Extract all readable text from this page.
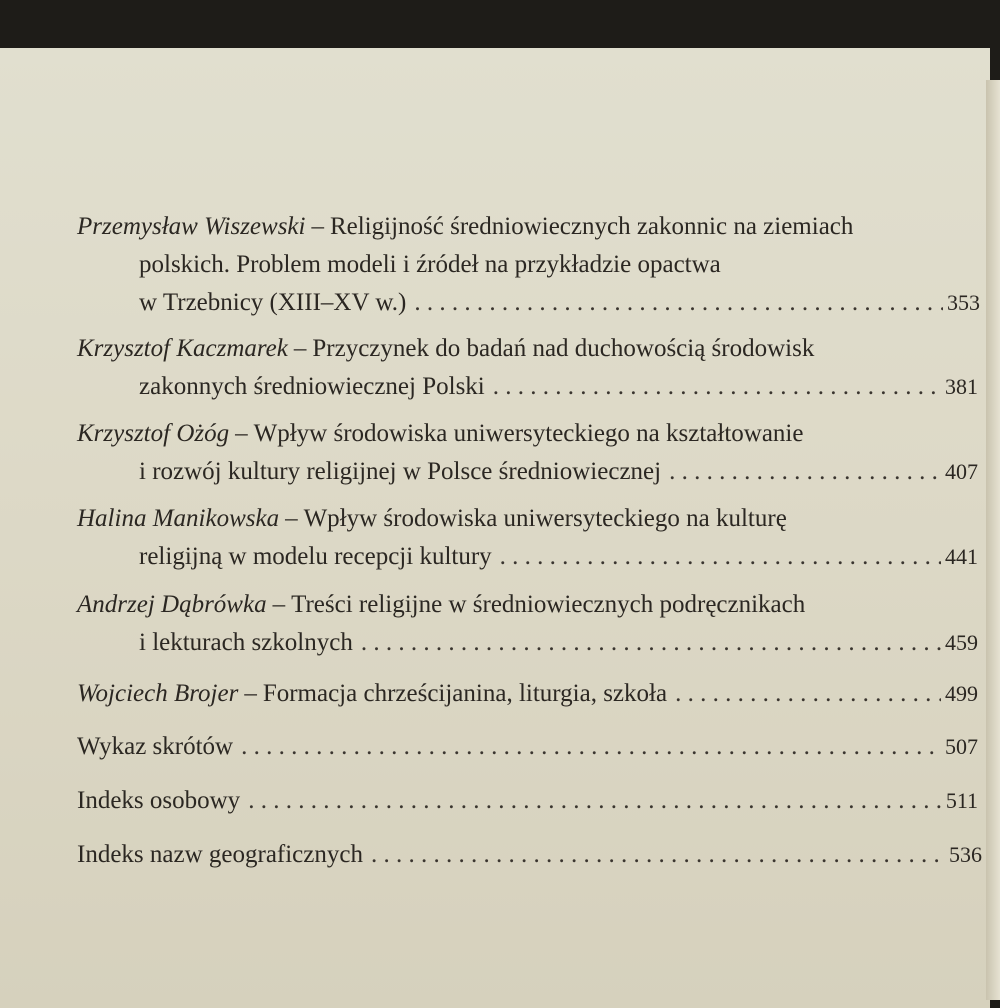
Przemysław Wiszewski – Religijność średniowiecznych zakonnic na ziemiach
polskich. Problem modeli i źródeł na przykładzie opactwa
w Trzebnicy (XIII–XV w.) . . .	353
Krzysztof Kaczmarek – Przyczynek do badań nad duchowością środowisk
zakonnych średniowiecznej Polski . . .	381
Krzysztof Ożóg – Wpływ środowiska uniwersyteckiego na kształtowanie
i rozwój kultury religijnej w Polsce średniowiecznej . . .	407
Halina Manikowska – Wpływ środowiska uniwersyteckiego na kulturę
religijną w modelu recepcji kultury . . .	441
Andrzej Dąbrówka – Treści religijne w średniowiecznych podręcznikach
i lekturach szkolnych . . .	459
Wojciech Brojer – Formacja chrześcijanina, liturgia, szkoła . . .	499
Wykaz skrótów . . .	507
Indeks osobowy . . .	511
Indeks nazw geograficznych . . .	536
